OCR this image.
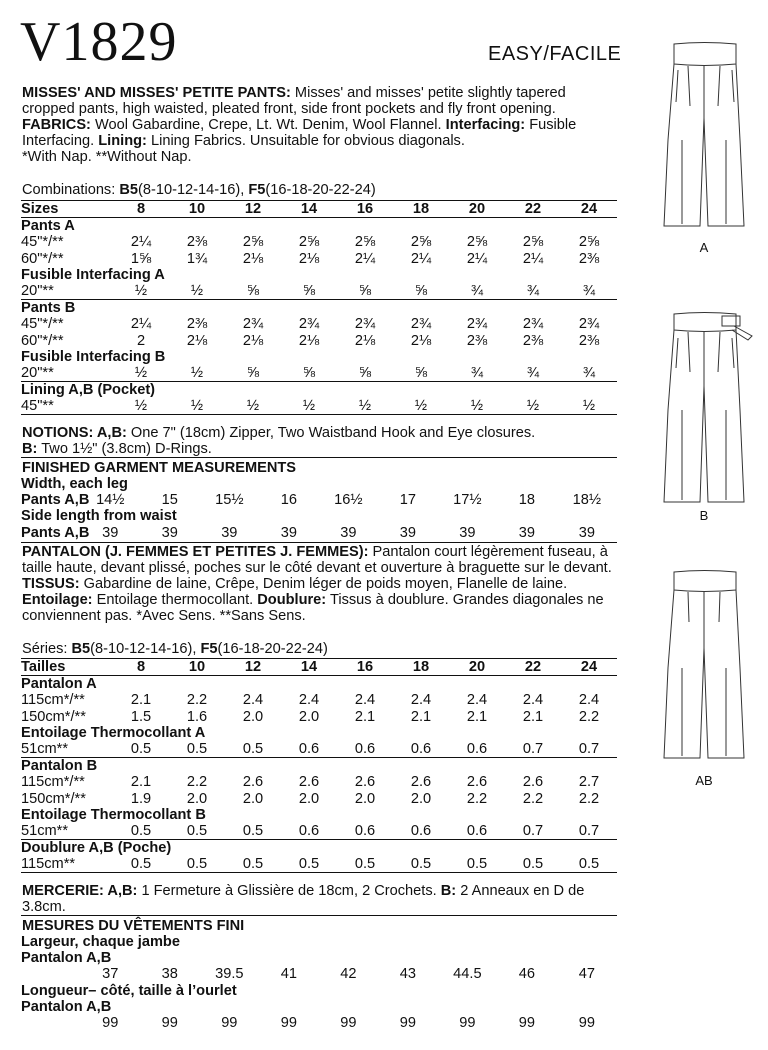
V1829	EASY/FACILE

MISSES' AND MISSES' PETITE PANTS: Misses' and misses' petite slightly tapered cropped pants, high waisted, pleated front, side front pockets and fly front opening. FABRICS: Wool Gabardine, Crepe, Lt. Wt. Denim, Wool Flannel. Interfacing: Fusible Interfacing. Lining: Lining Fabrics. Unsuitable for obvious diagonals.
*With Nap. **Without Nap.

Combinations: B5(8-10-12-14-16), F5(16-18-20-22-24)
Sizes	8	10	12	14	16	18	20	22	24
Pants A									
45"*/**	2¼	2⅜	2⅝	2⅝	2⅝	2⅝	2⅝	2⅝	2⅝
60"*/**	1⅝	1¾	2⅛	2⅛	2¼	2¼	2¼	2¼	2⅜
Fusible Interfacing A									
20"**	½	½	⅝	⅝	⅝	⅝	¾	¾	¾
Pants B									
45"*/**	2¼	2⅜	2¾	2¾	2¾	2¾	2¾	2¾	2¾
60"*/**	2	2⅛	2⅛	2⅛	2⅛	2⅛	2⅜	2⅜	2⅜
Fusible Interfacing B									
20"**	½	½	⅝	⅝	⅝	⅝	¾	¾	¾
Lining A,B (Pocket)									
45"**	½	½	½	½	½	½	½	½	½

NOTIONS: A,B: One 7" (18cm) Zipper, Two Waistband Hook and Eye closures.
B: Two 1½" (3.8cm) D-Rings.

FINISHED GARMENT MEASUREMENTS
Width, each leg									
Pants A,B	14½	15	15½	16	16½	17	17½	18	18½
Side length from waist									
Pants A,B	39	39	39	39	39	39	39	39	39

PANTALON (J. FEMMES ET PETITES J. FEMMES): Pantalon court légèrement fuseau, à taille haute, devant plissé, poches sur le côté devant et ouverture à braguette sur le devant. TISSUS: Gabardine de laine, Crêpe, Denim léger de poids moyen, Flanelle de laine. Entoilage: Entoilage thermocollant. Doublure: Tissus à doublure. Grandes diagonales ne conviennent pas. *Avec Sens. **Sans Sens.

Séries: B5(8-10-12-14-16), F5(16-18-20-22-24)
Tailles	8	10	12	14	16	18	20	22	24
Pantalon A									
115cm*/**	2.1	2.2	2.4	2.4	2.4	2.4	2.4	2.4	2.4
150cm*/**	1.5	1.6	2.0	2.0	2.1	2.1	2.1	2.1	2.2
Entoilage Thermocollant A									
51cm**	0.5	0.5	0.5	0.6	0.6	0.6	0.6	0.7	0.7
Pantalon B									
115cm*/**	2.1	2.2	2.6	2.6	2.6	2.6	2.6	2.6	2.7
150cm*/**	1.9	2.0	2.0	2.0	2.0	2.0	2.2	2.2	2.2
Entoilage Thermocollant B									
51cm**	0.5	0.5	0.5	0.6	0.6	0.6	0.6	0.7	0.7
Doublure A,B (Poche)									
115cm**	0.5	0.5	0.5	0.5	0.5	0.5	0.5	0.5	0.5

MERCERIE: A,B: 1 Fermeture à Glissière de 18cm, 2 Crochets. B: 2 Anneaux en D de 3.8cm.

MESURES DU VÊTEMENTS FINI
Largeur, chaque jambe									
Pantalon A,B									
	37	38	39.5	41	42	43	44.5	46	47
Longueur– côté, taille à l’ourlet									
Pantalon A,B									
	99	99	99	99	99	99	99	99	99
A
B
AB
